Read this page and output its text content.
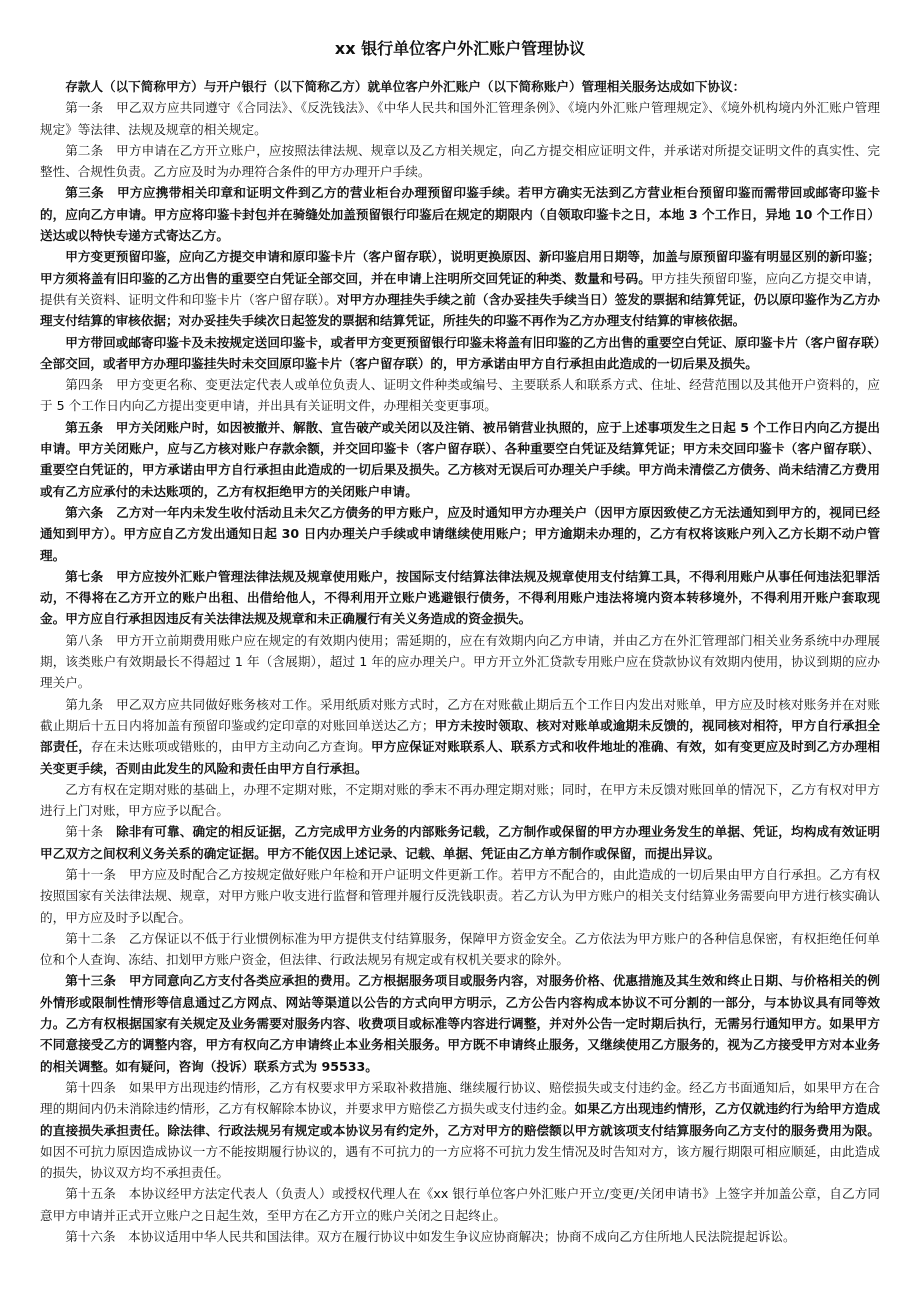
xx 银行单位客户外汇账户管理协议

存款人（以下简称甲方）与开户银行（以下简称乙方）就单位客户外汇账户（以下简称账户）管理相关服务达成如下协议：

第一条　甲乙双方应共同遵守《合同法》、《反洗钱法》、《中华人民共和国外汇管理条例》、《境内外汇账户管理规定》、《境外机构境内外汇账户管理规定》等法律、法规及规章的相关规定。

第二条　甲方申请在乙方开立账户，应按照法律法规、规章以及乙方相关规定，向乙方提交相应证明文件，并承诺对所提交证明文件的真实性、完整性、合规性负责。乙方应及时为办理符合条件的甲方办理开户手续。

第三条　甲方应携带相关印章和证明文件到乙方的营业柜台办理预留印鉴手续。若甲方确实无法到乙方营业柜台预留印鉴而需带回或邮寄印鉴卡的，应向乙方申请。甲方应将印鉴卡封包并在骑缝处加盖预留银行印鉴后在规定的期限内（自领取印鉴卡之日，本地 3 个工作日，异地 10 个工作日）送达或以特快专递方式寄达乙方。

甲方变更预留印鉴，应向乙方提交申请和原印鉴卡片（客户留存联），说明更换原因、新印鉴启用日期等，加盖与原预留印鉴有明显区别的新印鉴；甲方须将盖有旧印鉴的乙方出售的重要空白凭证全部交回，并在申请上注明所交回凭证的种类、数量和号码。甲方挂失预留印鉴，应向乙方提交申请，提供有关资料、证明文件和印鉴卡片（客户留存联）。对甲方办理挂失手续之前（含办妥挂失手续当日）签发的票据和结算凭证，仍以原印鉴作为乙方办理支付结算的审核依据；对办妥挂失手续次日起签发的票据和结算凭证，所挂失的印鉴不再作为乙方办理支付结算的审核依据。

甲方带回或邮寄印鉴卡及未按规定送回印鉴卡，或者甲方变更预留银行印鉴未将盖有旧印鉴的乙方出售的重要空白凭证、原印鉴卡片（客户留存联）全部交回，或者甲方办理印鉴挂失时未交回原印鉴卡片（客户留存联）的，甲方承诺由甲方自行承担由此造成的一切后果及损失。

第四条　甲方变更名称、变更法定代表人或单位负责人、证明文件种类或编号、主要联系人和联系方式、住址、经营范围以及其他开户资料的，应于 5 个工作日内向乙方提出变更申请，并出具有关证明文件，办理相关变更事项。

第五条　甲方关闭账户时，如因被撤并、解散、宣告破产或关闭以及注销、被吊销营业执照的，应于上述事项发生之日起 5 个工作日内向乙方提出申请。甲方关闭账户，应与乙方核对账户存款余额，并交回印鉴卡（客户留存联）、各种重要空白凭证及结算凭证；甲方未交回印鉴卡（客户留存联）、重要空白凭证的，甲方承诺由甲方自行承担由此造成的一切后果及损失。乙方核对无误后可办理关户手续。甲方尚未清偿乙方债务、尚未结清乙方费用或有乙方应承付的未达账项的，乙方有权拒绝甲方的关闭账户申请。

第六条　乙方对一年内未发生收付活动且未欠乙方债务的甲方账户，应及时通知甲方办理关户（因甲方原因致使乙方无法通知到甲方的，视同已经通知到甲方）。甲方应自乙方发出通知日起 30 日内办理关户手续或申请继续使用账户；甲方逾期未办理的，乙方有权将该账户列入乙方长期不动户管理。

第七条　甲方应按外汇账户管理法律法规及规章使用账户，按国际支付结算法律法规及规章使用支付结算工具，不得利用账户从事任何违法犯罪活动，不得将在乙方开立的账户出租、出借给他人，不得利用开立账户逃避银行债务，不得利用账户违法将境内资本转移境外，不得利用开账户套取现金。甲方应自行承担因违反有关法律法规及规章和未正确履行有关义务造成的资金损失。

第八条　甲方开立前期费用账户应在规定的有效期内使用；需延期的，应在有效期内向乙方申请，并由乙方在外汇管理部门相关业务系统中办理展期，该类账户有效期最长不得超过 1 年（含展期），超过 1 年的应办理关户。甲方开立外汇贷款专用账户应在贷款协议有效期内使用，协议到期的应办理关户。

第九条　甲乙双方应共同做好账务核对工作。采用纸质对账方式时，乙方在对账截止期后五个工作日内发出对账单，甲方应及时核对账务并在对账截止期后十五日内将加盖有预留印鉴或约定印章的对账回单送达乙方；甲方未按时领取、核对对账单或逾期未反馈的，视同核对相符，甲方自行承担全部责任，存在未达账项或错账的，由甲方主动向乙方查询。甲方应保证对账联系人、联系方式和收件地址的准确、有效，如有变更应及时到乙方办理相关变更手续，否则由此发生的风险和责任由甲方自行承担。

乙方有权在定期对账的基础上，办理不定期对账，不定期对账的季末不再办理定期对账；同时，在甲方未反馈对账回单的情况下，乙方有权对甲方进行上门对账，甲方应予以配合。

第十条　除非有可靠、确定的相反证据，乙方完成甲方业务的内部账务记载，乙方制作或保留的甲方办理业务发生的单据、凭证，均构成有效证明甲乙双方之间权利义务关系的确定证据。甲方不能仅因上述记录、记载、单据、凭证由乙方单方制作或保留，而提出异议。

第十一条　甲方应及时配合乙方按规定做好账户年检和开户证明文件更新工作。若甲方不配合的，由此造成的一切后果由甲方自行承担。乙方有权按照国家有关法律法规、规章，对甲方账户收支进行监督和管理并履行反洗钱职责。若乙方认为甲方账户的相关支付结算业务需要向甲方进行核实确认的，甲方应及时予以配合。

第十二条　乙方保证以不低于行业惯例标准为甲方提供支付结算服务，保障甲方资金安全。乙方依法为甲方账户的各种信息保密，有权拒绝任何单位和个人查询、冻结、扣划甲方账户资金，但法律、行政法规另有规定或有权机关要求的除外。

第十三条　甲方同意向乙方支付各类应承担的费用。乙方根据服务项目或服务内容，对服务价格、优惠措施及其生效和终止日期、与价格相关的例外情形或限制性情形等信息通过乙方网点、网站等渠道以公告的方式向甲方明示，乙方公告内容构成本协议不可分割的一部分，与本协议具有同等效力。乙方有权根据国家有关规定及业务需要对服务内容、收费项目或标准等内容进行调整，并对外公告一定时期后执行，无需另行通知甲方。如果甲方不同意接受乙方的调整内容，甲方有权向乙方申请终止本业务相关服务。甲方既不申请终止服务，又继续使用乙方服务的，视为乙方接受甲方对本业务的相关调整。如有疑问，咨询（投诉）联系方式为 95533。

第十四条　如果甲方出现违约情形，乙方有权要求甲方采取补救措施、继续履行协议、赔偿损失或支付违约金。经乙方书面通知后，如果甲方在合理的期间内仍未消除违约情形，乙方有权解除本协议，并要求甲方赔偿乙方损失或支付违约金。如果乙方出现违约情形，乙方仅就违约行为给甲方造成的直接损失承担责任。除法律、行政法规另有规定或本协议另有约定外，乙方对甲方的赔偿额以甲方就该项支付结算服务向乙方支付的服务费用为限。如因不可抗力原因造成协议一方不能按期履行协议的，遇有不可抗力的一方应将不可抗力发生情况及时告知对方，该方履行期限可相应顺延，由此造成的损失，协议双方均不承担责任。

第十五条　本协议经甲方法定代表人（负责人）或授权代理人在《xx 银行单位客户外汇账户开立/变更/关闭申请书》上签字并加盖公章，自乙方同意甲方申请并正式开立账户之日起生效，至甲方在乙方开立的账户关闭之日起终止。

第十六条　本协议适用中华人民共和国法律。双方在履行协议中如发生争议应协商解决；协商不成向乙方住所地人民法院提起诉讼。
